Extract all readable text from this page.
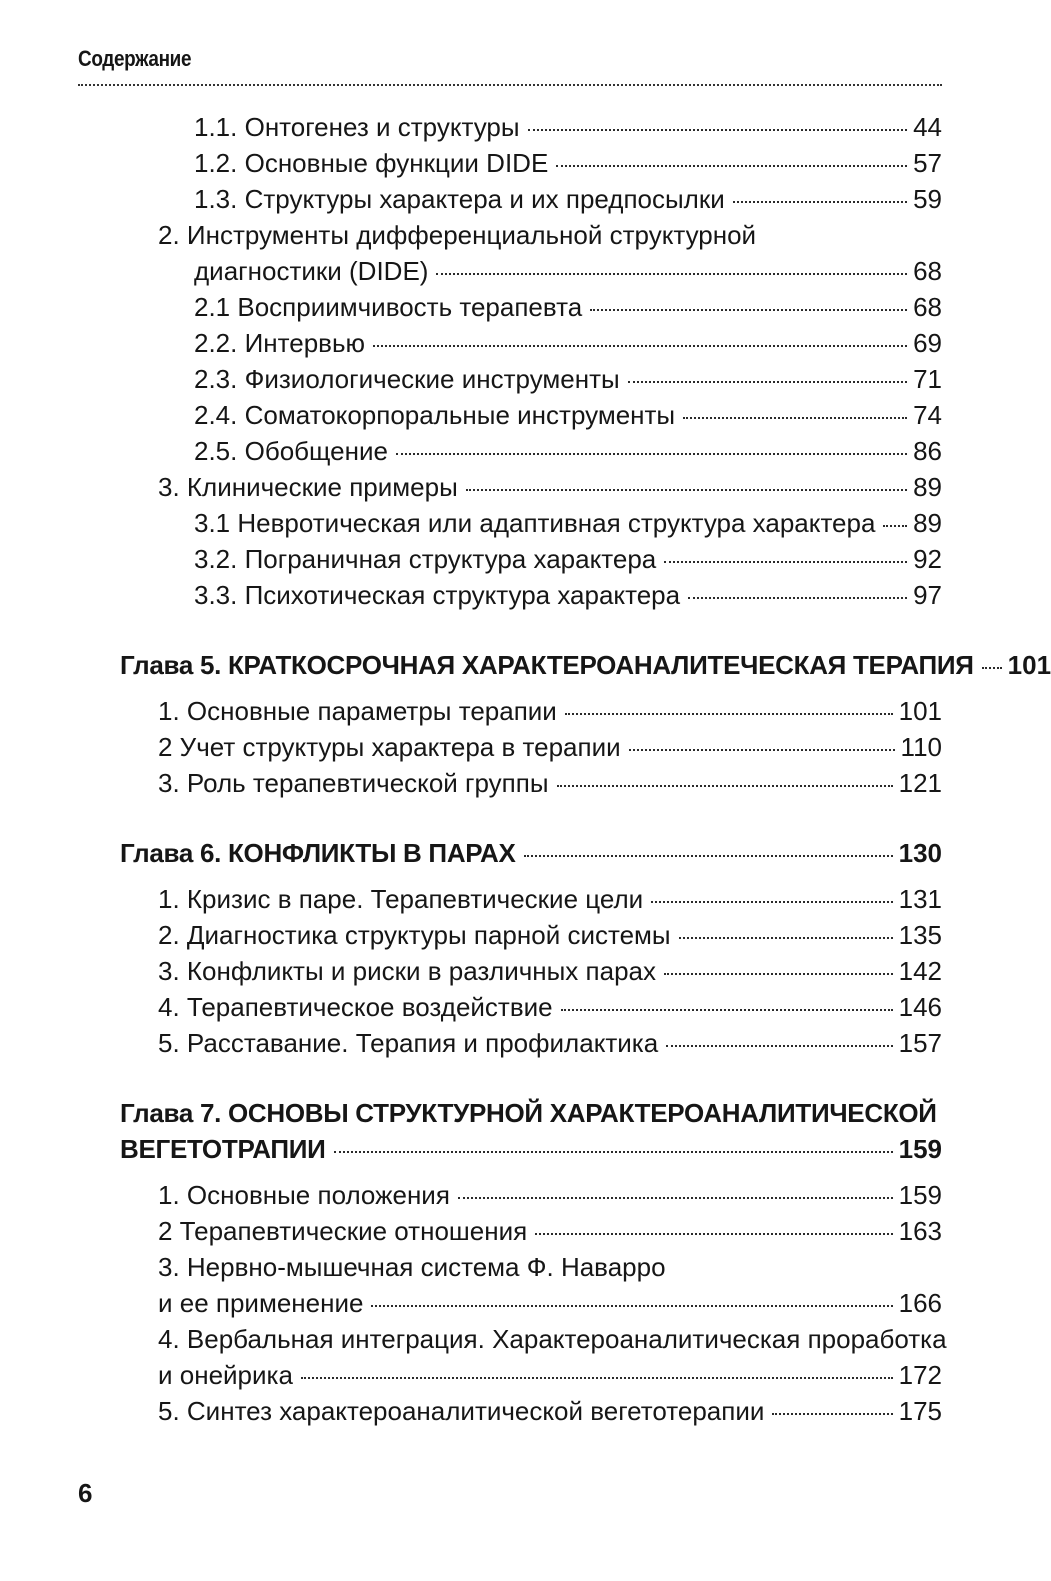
Содержание
1.1. Онтогенез и структуры	44
1.2. Основные функции DIDE	57
1.3. Структуры характера и их предпосылки	59
2. Инструменты дифференциальной структурной
диагностики (DIDE)	68
2.1 Восприимчивость терапевта	68
2.2. Интервью	69
2.3. Физиологические инструменты	71
2.4. Соматокорпоральные инструменты	74
2.5. Обобщение	86
3. Клинические примеры	89
3.1 Невротическая или адаптивная структура характера 89
3.2. Пограничная структура характера	92
3.3. Психотическая структура характера	97
Глава 5. КРАТКОСРОЧНАЯ ХАРАКТЕРОАНАЛИТЕЧЕСКАЯ ТЕРАПИЯ 101
1. Основные параметры терапии	101
2 Учет структуры характера в терапии	110
3. Роль терапевтической группы	121
Глава 6. КОНФЛИКТЫ В ПАРАХ	130
1. Кризис в паре. Терапевтические цели	131
2. Диагностика структуры парной системы	135
3. Конфликты и риски в различных парах	142
4. Терапевтическое воздействие	146
5. Расставание. Терапия и профилактика	157
Глава 7. ОСНОВЫ СТРУКТУРНОЙ ХАРАКТЕРОАНАЛИТИЧЕСКОЙ
ВЕГЕТОТРАПИИ	159
1. Основные положения	159
2 Терапевтические отношения	163
3. Нервно-мышечная система Ф. Наварро
и ее применение	166
4. Вербальная интеграция. Характероаналитическая проработка
и онейрика	172
5. Синтез характероаналитической вегетотерапии	175
6
